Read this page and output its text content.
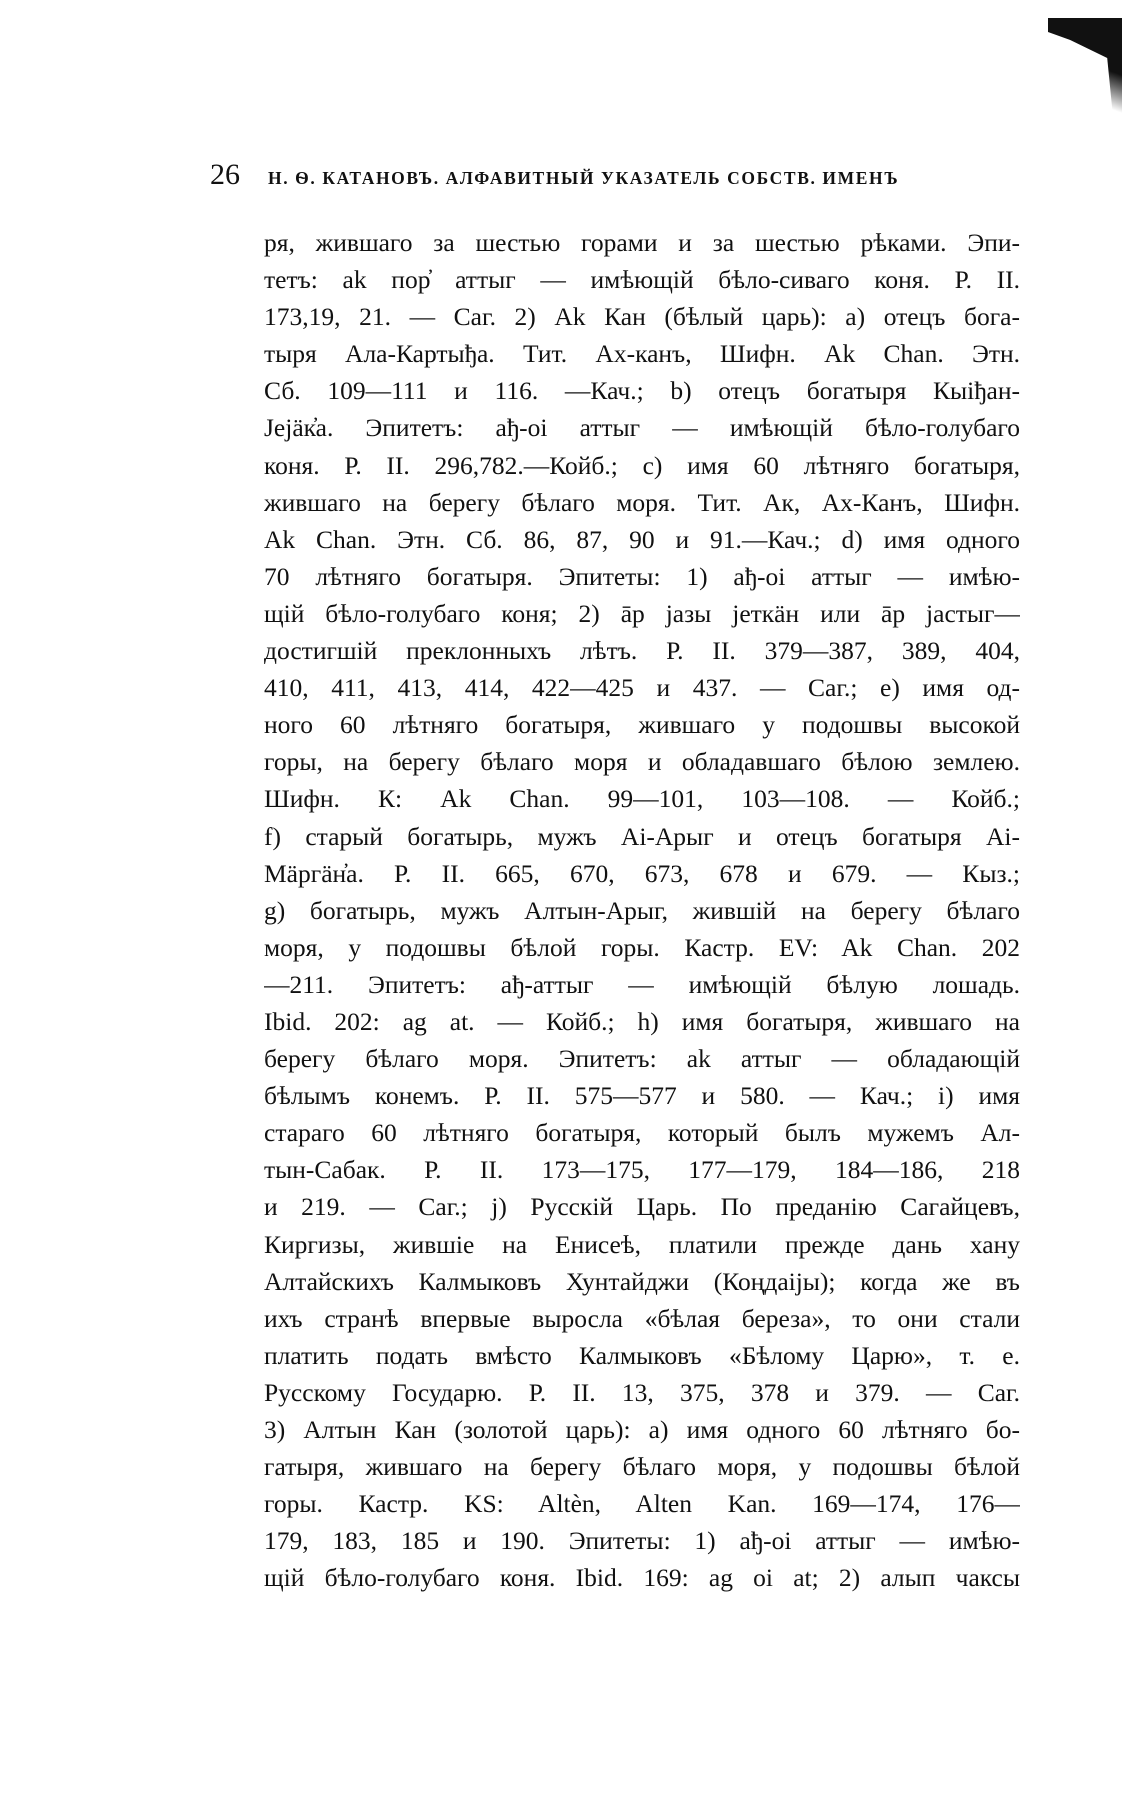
26 Н. Ѳ. КАТАНОВЪ. АЛФАВИТНЫЙ УКАЗАТЕЛЬ СОБСТВ. ИМЕНЪ
ря, жившаго за шестью горами и за шестью рѣками. Эпи-
тетъ: ak пор̓ аттыг — имѣющій бѣло-сиваго коня. Р. II.
173,19, 21. — Саг. 2) Аk Кан (бѣлый царь): а) отецъ бога-
тыря Ала-Картыђа. Тит. Ах-канъ, Шифн. Ak Chan. Этн.
Сб. 109—111 и 116. —Кач.; b) отецъ богатыря Кыiђан-
Јејäк̓а. Эпитетъ: ађ-оi аттыг — имѣющій бѣло-голубаго
коня. Р. II. 296,782.—Койб.; с) имя 60 лѣтняго богатыря,
жившаго на берегу бѣлаго моря. Тит. Ак, Ах-Канъ, Шифн.
Ak Chan. Этн. Сб. 86, 87, 90 и 91.—Кач.; d) имя одного
70 лѣтняго богатыря. Эпитеты: 1) ађ-оі аттыг — имѣю-
щій бѣло-голубаго коня; 2) āр јазы јеткäн или āр јастыг—
достигшій преклонныхъ лѣтъ. Р. II. 379—387, 389, 404,
410, 411, 413, 414, 422—425 и 437. — Саг.; е) имя од-
ного 60 лѣтняго богатыря, жившаго у подошвы высокой
горы, на берегу бѣлаго моря и обладавшаго бѣлою землею.
Шифн. К: Ak Chan. 99—101, 103—108. — Койб.;
f) старый богатырь, мужъ Аі-Арыг и отецъ богатыря Аі-
Мäргäн̓а. Р. II. 665, 670, 673, 678 и 679. — Кыз.;
g) богатырь, мужъ Алтын-Арыг, жившій на берегу бѣлаго
моря, у подошвы бѣлой горы. Кастр. EV: Ak Chan. 202
—211. Эпитетъ: ађ-аттыг — имѣющій бѣлую лошадь.
Ibid. 202: ag at. — Койб.; h) имя богатыря, жившаго на
берегу бѣлаго моря. Эпитетъ: ak аттыг — обладающій
бѣлымъ конемъ. Р. II. 575—577 и 580. — Кач.; i) имя
стараго 60 лѣтняго богатыря, который былъ мужемъ Ал-
тын-Сабак. Р. II. 173—175, 177—179, 184—186, 218
и 219. — Саг.; j) Русскій Царь. По преданію Сагайцевъ,
Киргизы, жившіе на Енисеѣ, платили прежде дань хану
Алтайскихъ Калмыковъ Хунтайджи (Коңдаіјы); когда же въ
ихъ странѣ впервые выросла «бѣлая береза», то они стали
платить подать вмѣсто Калмыковъ «Бѣлому Царю», т. е.
Русскому Государю. Р. II. 13, 375, 378 и 379. — Саг.
3) Алтын Кан (золотой царь): а) имя одного 60 лѣтняго бо-
гатыря, жившаго на берегу бѣлаго моря, у подошвы бѣлой
горы. Кастр. KS: Altèn, Alten Kan. 169—174, 176—
179, 183, 185 и 190. Эпитеты: 1) ађ-оі аттыг — имѣю-
щій бѣло-голубаго коня. Ibid. 169: ag oi at; 2) алып чаксы
